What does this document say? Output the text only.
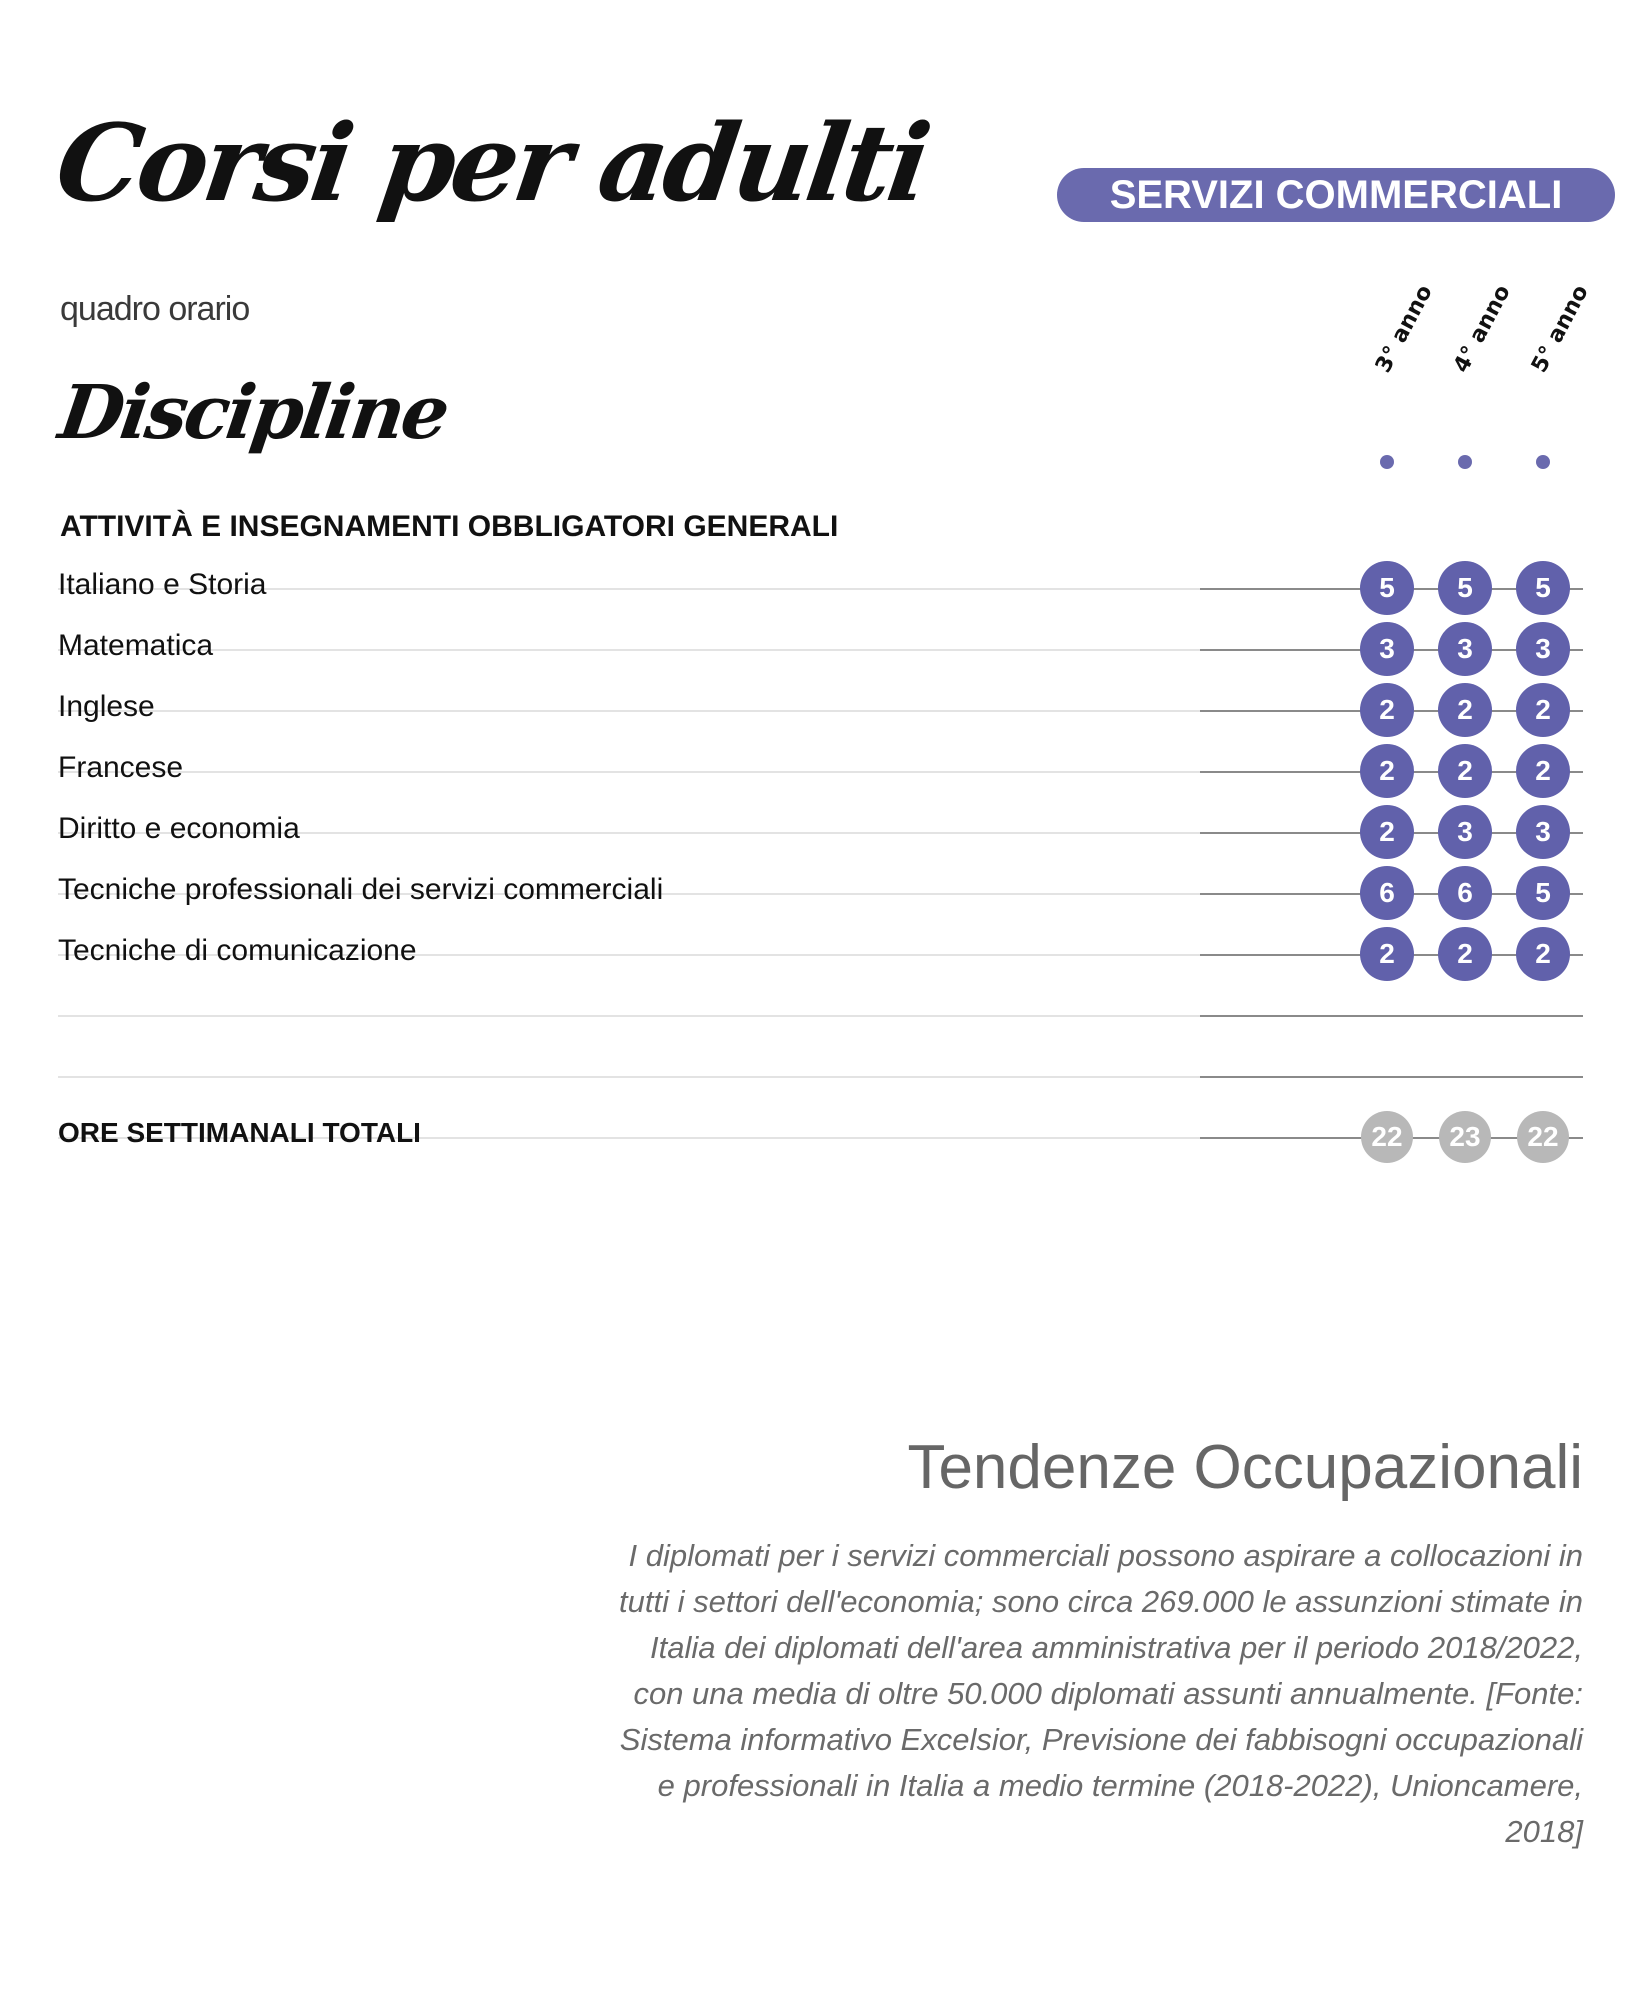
Corsi per adulti	SERVIZI COMMERCIALI
quadro orario
Discipline
3° anno 4° anno 5° anno
ATTIVITÀ E INSEGNAMENTI OBBLIGATORI GENERALI
Italiano e Storia	5	5	5
Matematica	3	3	3
Inglese	2	2	2
Francese	2	2	2
Diritto e economia	2	3	3
Tecniche professionali dei servizi commerciali	6	6	5
Tecniche di comunicazione	2	2	2
ORE SETTIMANALI TOTALI	22	23	22
Tendenze Occupazionali
I diplomati per i servizi commerciali possono aspirare a collocazioni in tutti i settori dell'economia; sono circa 269.000 le assunzioni stimate in Italia dei diplomati dell'area amministrativa per il periodo 2018/2022, con una media di oltre 50.000 diplomati assunti annualmente. [Fonte: Sistema informativo Excelsior, Previsione dei fabbisogni occupazionali e professionali in Italia a medio termine (2018-2022), Unioncamere, 2018]
